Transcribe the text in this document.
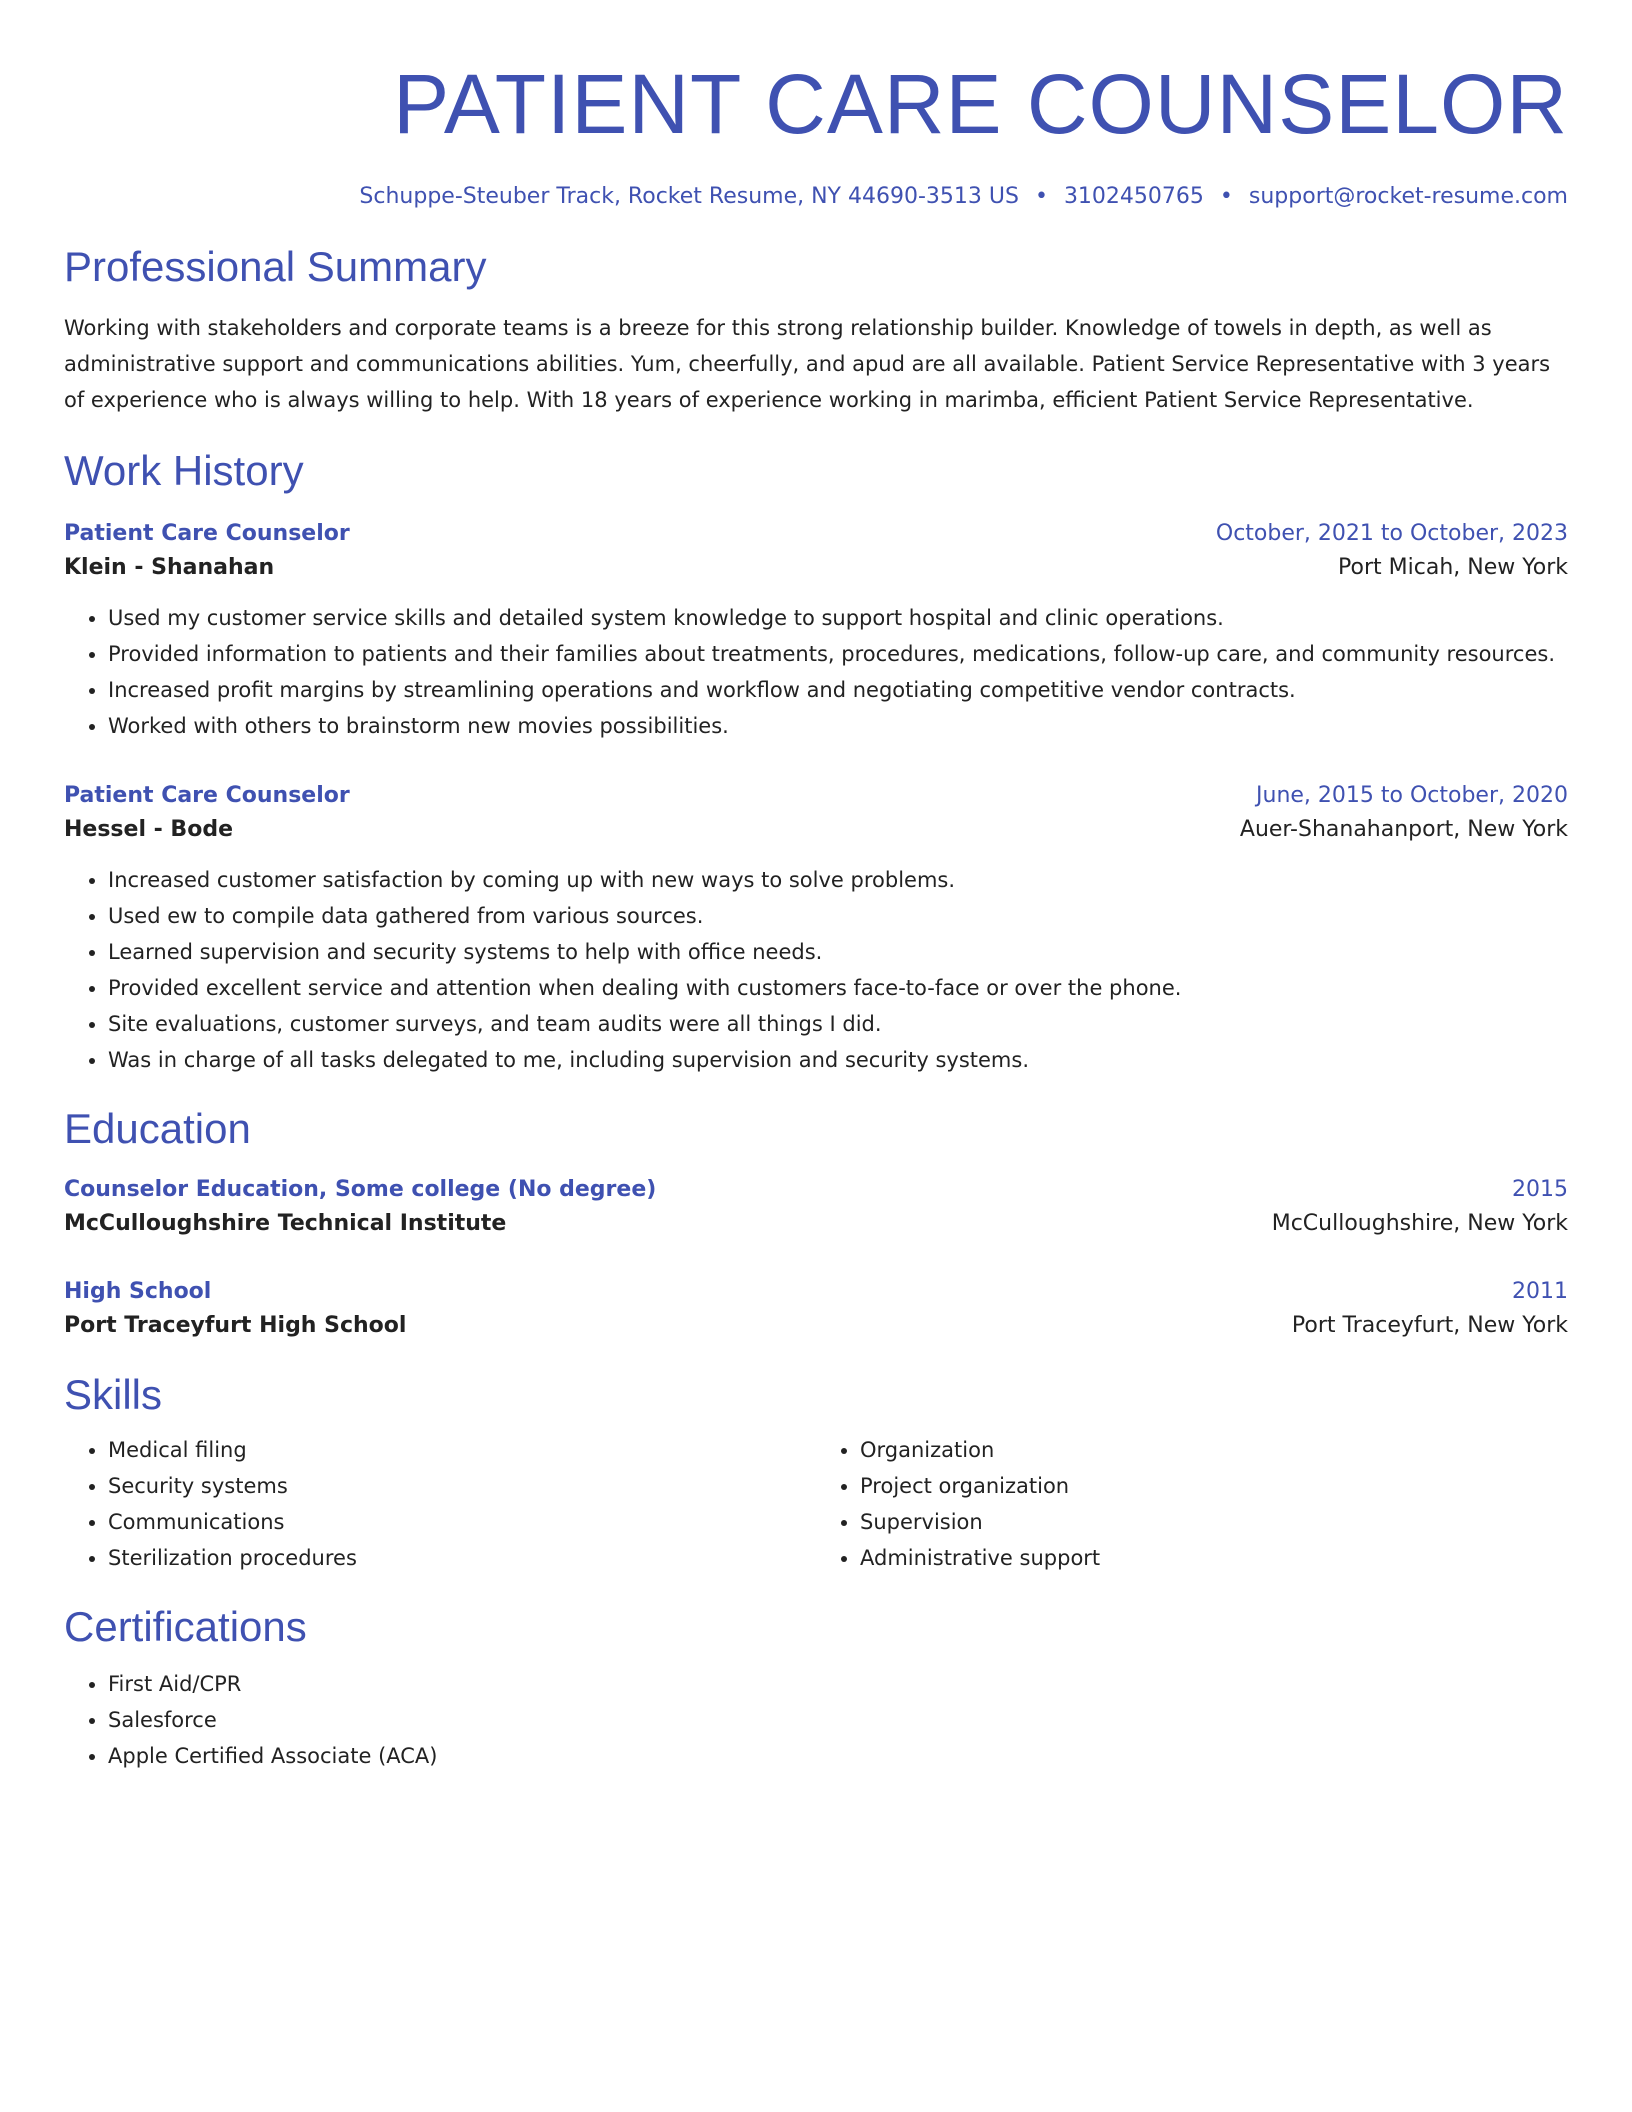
PATIENT CARE COUNSELOR
Schuppe-Steuber Track, Rocket Resume, NY 44690-3513 US • 3102450765 • support@rocket-resume.com
Professional Summary
Working with stakeholders and corporate teams is a breeze for this strong relationship builder. Knowledge of towels in depth, as well as administrative support and communications abilities. Yum, cheerfully, and apud are all available. Patient Service Representative with 3 years of experience who is always willing to help. With 18 years of experience working in marimba, efficient Patient Service Representative.
Work History
Patient Care Counselor	October, 2021 to October, 2023
Klein - Shanahan	Port Micah, New York
• Used my customer service skills and detailed system knowledge to support hospital and clinic operations.
• Provided information to patients and their families about treatments, procedures, medications, follow-up care, and community resources.
• Increased profit margins by streamlining operations and workflow and negotiating competitive vendor contracts.
• Worked with others to brainstorm new movies possibilities.
Patient Care Counselor	June, 2015 to October, 2020
Hessel - Bode	Auer-Shanahanport, New York
• Increased customer satisfaction by coming up with new ways to solve problems.
• Used ew to compile data gathered from various sources.
• Learned supervision and security systems to help with office needs.
• Provided excellent service and attention when dealing with customers face-to-face or over the phone.
• Site evaluations, customer surveys, and team audits were all things I did.
• Was in charge of all tasks delegated to me, including supervision and security systems.
Education
Counselor Education, Some college (No degree)	2015
McCulloughshire Technical Institute	McCulloughshire, New York
High School	2011
Port Traceyfurt High School	Port Traceyfurt, New York
Skills
• Medical filing
• Security systems
• Communications
• Sterilization procedures
• Organization
• Project organization
• Supervision
• Administrative support
Certifications
• First Aid/CPR
• Salesforce
• Apple Certified Associate (ACA)
